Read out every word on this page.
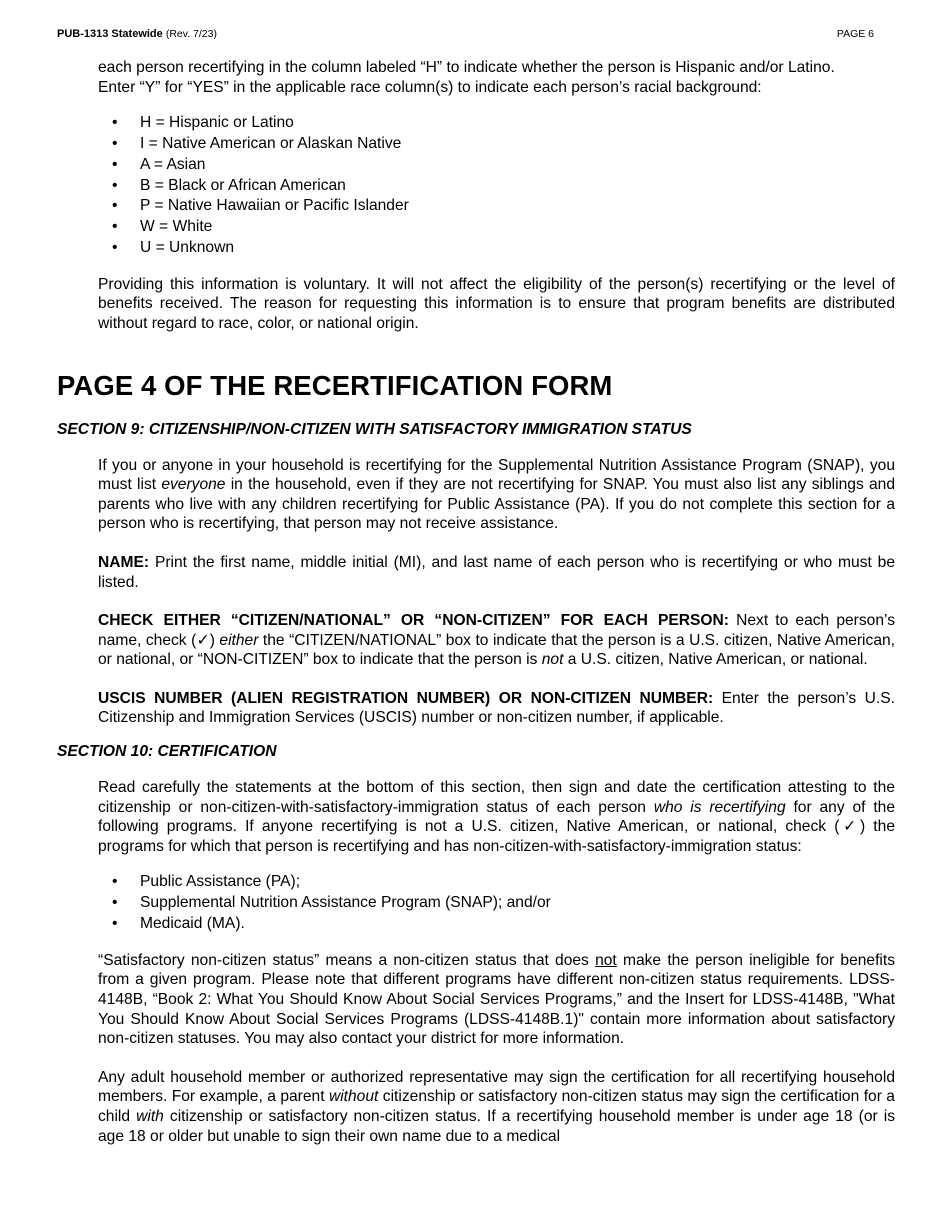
PUB-1313 Statewide (Rev. 7/23)	PAGE 6

each person recertifying in the column labeled “H” to indicate whether the person is Hispanic and/or Latino.
Enter “Y” for “YES” in the applicable race column(s) to indicate each person’s racial background:

• H = Hispanic or Latino
• I = Native American or Alaskan Native
• A = Asian
• B = Black or African American
• P = Native Hawaiian or Pacific Islander
• W = White
• U = Unknown

Providing this information is voluntary. It will not affect the eligibility of the person(s) recertifying or the level of benefits received. The reason for requesting this information is to ensure that program benefits are distributed without regard to race, color, or national origin.

PAGE 4 OF THE RECERTIFICATION FORM
SECTION 9: CITIZENSHIP/NON-CITIZEN WITH SATISFACTORY IMMIGRATION STATUS

If you or anyone in your household is recertifying for the Supplemental Nutrition Assistance Program (SNAP), you must list everyone in the household, even if they are not recertifying for SNAP. You must also list any siblings and parents who live with any children recertifying for Public Assistance (PA). If you do not complete this section for a person who is recertifying, that person may not receive assistance.

NAME: Print the first name, middle initial (MI), and last name of each person who is recertifying or who must be listed.

CHECK EITHER “CITIZEN/NATIONAL” OR “NON-CITIZEN” FOR EACH PERSON: Next to each person’s name, check (✓) either the “CITIZEN/NATIONAL” box to indicate that the person is a U.S. citizen, Native American, or national, or “NON-CITIZEN” box to indicate that the person is not a U.S. citizen, Native American, or national.

USCIS NUMBER (ALIEN REGISTRATION NUMBER) OR NON-CITIZEN NUMBER: Enter the person’s U.S. Citizenship and Immigration Services (USCIS) number or non-citizen number, if applicable.

SECTION 10: CERTIFICATION

Read carefully the statements at the bottom of this section, then sign and date the certification attesting to the citizenship or non-citizen-with-satisfactory-immigration status of each person who is recertifying for any of the following programs. If anyone recertifying is not a U.S. citizen, Native American, or national, check (✓) the programs for which that person is recertifying and has non-citizen-with-satisfactory-immigration status:

• Public Assistance (PA);
• Supplemental Nutrition Assistance Program (SNAP); and/or
• Medicaid (MA).

“Satisfactory non-citizen status” means a non-citizen status that does not make the person ineligible for benefits from a given program. Please note that different programs have different non-citizen status requirements. LDSS-4148B, “Book 2: What You Should Know About Social Services Programs,” and the Insert for LDSS-4148B, "What You Should Know About Social Services Programs (LDSS-4148B.1)" contain more information about satisfactory non-citizen statuses. You may also contact your district for more information.

Any adult household member or authorized representative may sign the certification for all recertifying household members. For example, a parent without citizenship or satisfactory non-citizen status may sign the certification for a child with citizenship or satisfactory non-citizen status. If a recertifying household member is under age 18 (or is age 18 or older but unable to sign their own name due to a medical
